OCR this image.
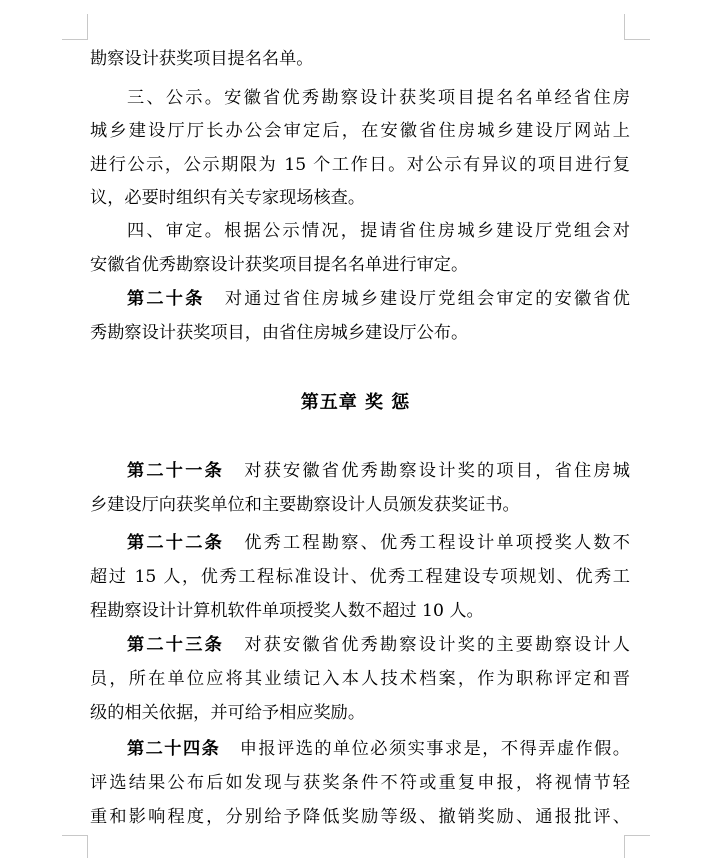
勘察设计获奖项目提名名单。
三、公示。安徽省优秀勘察设计获奖项目提名名单经省住房
城乡建设厅厅长办公会审定后，在安徽省住房城乡建设厅网站上
进行公示，公示期限为 15 个工作日。对公示有异议的项目进行复
议，必要时组织有关专家现场核查。
四、审定。根据公示情况，提请省住房城乡建设厅党组会对
安徽省优秀勘察设计获奖项目提名名单进行审定。
第二十条 对通过省住房城乡建设厅党组会审定的安徽省优
秀勘察设计获奖项目，由省住房城乡建设厅公布。
第五章 奖 惩
第二十一条 对获安徽省优秀勘察设计奖的项目，省住房城
乡建设厅向获奖单位和主要勘察设计人员颁发获奖证书。
第二十二条 优秀工程勘察、优秀工程设计单项授奖人数不
超过 15 人，优秀工程标准设计、优秀工程建设专项规划、优秀工
程勘察设计计算机软件单项授奖人数不超过 10 人。
第二十三条 对获安徽省优秀勘察设计奖的主要勘察设计人
员，所在单位应将其业绩记入本人技术档案，作为职称评定和晋
级的相关依据，并可给予相应奖励。
第二十四条 申报评选的单位必须实事求是，不得弄虚作假。
评选结果公布后如发现与获奖条件不符或重复申报，将视情节轻
重和影响程度，分别给予降低奖励等级、撤销奖励、通报批评、
